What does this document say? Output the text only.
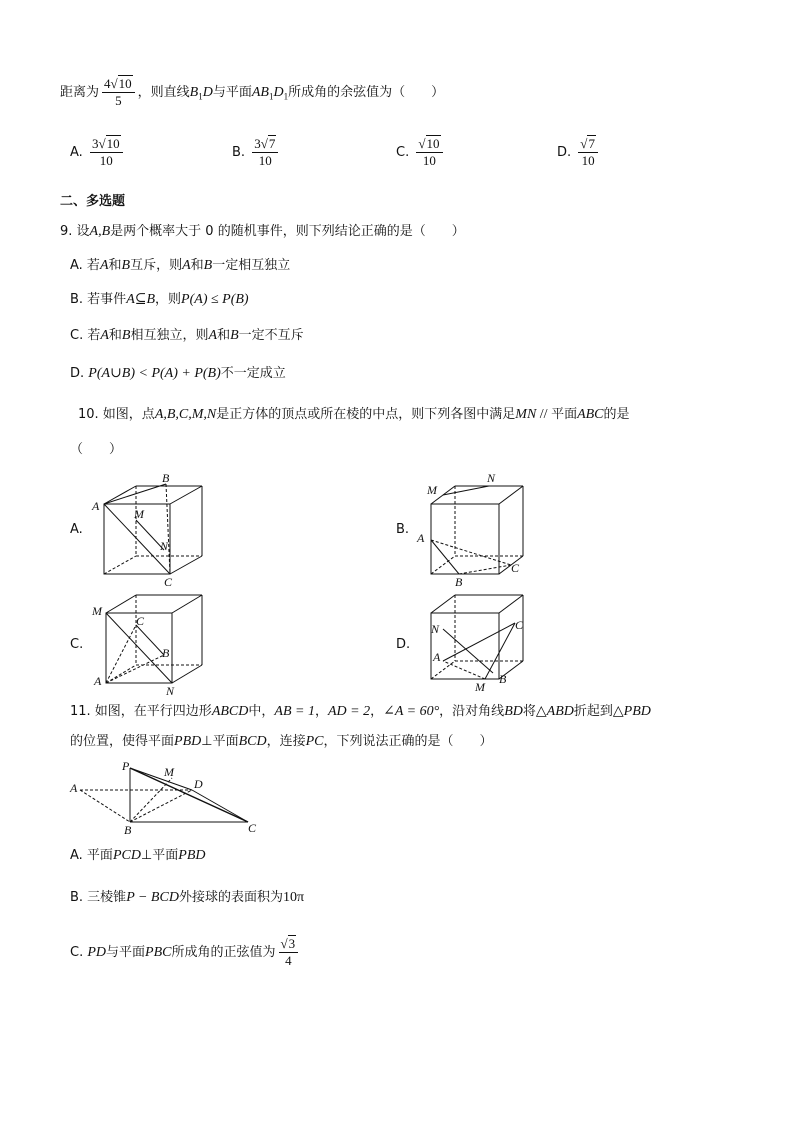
距离为 $\frac{4√10}{5}$ ，则直线$B_1D$与平面$AB_1D_1$所成角的余弦值为（　　）
A. $\frac{3√10}{10}$	B. $\frac{3√7}{10}$	C. $\frac{√10}{10}$	D. $\frac{√7}{10}$
二、多选题
9. 设A,B是两个概率大于 0 的随机事件，则下列结论正确的是（　　）
A. 若A和B互斥，则A和B一定相互独立
B. 若事件A⊆B，则P(A) ≤ P(B)
C. 若A和B相互独立，则A和B一定不互斥
D. P(A∪B) < P(A) + P(B)不一定成立
10. 如图，点A,B,C,M,N是正方体的顶点或所在棱的中点，则下列各图中满足MN // 平面ABC的是
（　　）
A.	B.
C.	D.
A
B
C
M
N
M
N
A
B
C
M
C
B
A
N
N
A
C
B
M
11. 如图，在平行四边形ABCD中，AB = 1，AD = 2，∠A = 60°，沿对角线BD将△ABD折起到△PBD
的位置，使得平面PBD⊥平面BCD，连接PC，下列说法正确的是（　　）
P	M
D
A
B	C
A. 平面PCD⊥平面PBD
B. 三棱锥P − BCD外接球的表面积为10π
C. PD与平面PBC所成角的正弦值为 $\frac{√3}{4}$
